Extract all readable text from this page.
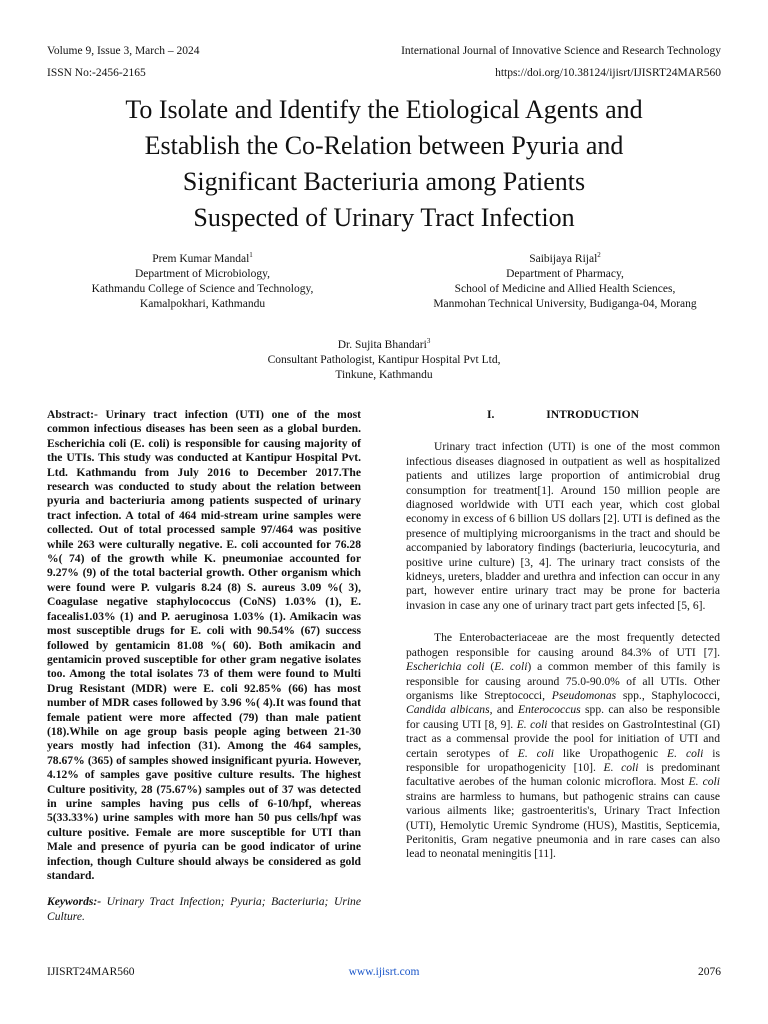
Volume 9, Issue 3, March – 2024	International Journal of Innovative Science and Research Technology
ISSN No:-2456-2165	https://doi.org/10.38124/ijisrt/IJISRT24MAR560
To Isolate and Identify the Etiological Agents and
Establish the Co-Relation between Pyuria and
Significant Bacteriuria among Patients
Suspected of Urinary Tract Infection
Prem Kumar Mandal$^1$
Department of Microbiology,
Kathmandu College of Science and Technology,
Kamalpokhari, Kathmandu
Saibijaya Rijal$^2$
Department of Pharmacy,
School of Medicine and Allied Health Sciences,
Manmohan Technical University, Budiganga-04, Morang
Dr. Sujita Bhandari$^3$
Consultant Pathologist, Kantipur Hospital Pvt Ltd,
Tinkune, Kathmandu

Abstract:- Urinary tract infection (UTI) one of the most common infectious diseases has been seen as a global burden. Escherichia coli (E. coli) is responsible for causing majority of the UTIs. This study was conducted at Kantipur Hospital Pvt. Ltd. Kathmandu from July 2016 to December 2017.The research was conducted to study about the relation between pyuria and bacteriuria among patients suspected of urinary tract infection. A total of 464 mid-stream urine samples were collected. Out of total processed sample 97/464 was positive while 263 were culturally negative. E. coli accounted for 76.28 %( 74) of the growth while K. pneumoniae accounted for 9.27% (9) of the total bacterial growth. Other organism which were found were P. vulgaris 8.24 (8) S. aureus 3.09 %( 3), Coagulase negative staphylococcus (CoNS) 1.03% (1), E. facealis1.03% (1) and P. aeruginosa 1.03% (1). Amikacin was most susceptible drugs for E. coli with 90.54% (67) success followed by gentamicin 81.08 %( 60). Both amikacin and gentamicin proved susceptible for other gram negative isolates too. Among the total isolates 73 of them were found to Multi Drug Resistant (MDR) were E. coli 92.85% (66) has most number of MDR cases followed by 3.96 %( 4).It was found that female patient were more affected (79) than male patient (18).While on age group basis people aging between 21-30 years mostly had infection (31). Among the 464 samples, 78.67% (365) of samples showed insignificant pyuria. However, 4.12% of samples gave positive culture results. The highest Culture positivity, 28 (75.67%) samples out of 37 was detected in urine samples having pus cells of 6-10/hpf, whereas 5(33.33%) urine samples with more han 50 pus cells/hpf was culture positive. Female are more susceptible for UTI than Male and presence of pyuria can be good indicator of urine infection, though Culture should always be considered as gold standard.

Keywords:- Urinary Tract Infection; Pyuria; Bacteriuria; Urine Culture.

I.	INTRODUCTION

Urinary tract infection (UTI) is one of the most common infectious diseases diagnosed in outpatient as well as hospitalized patients and utilizes large proportion of antimicrobial drug consumption for treatment[1]. Around 150 million people are diagnosed worldwide with UTI each year, which cost global economy in excess of 6 billion US dollars [2]. UTI is defined as the presence of multiplying microorganisms in the tract and should be accompanied by laboratory findings (bacteriuria, leucocyturia, and positive urine culture) [3, 4]. The urinary tract consists of the kidneys, ureters, bladder and urethra and infection can occur in any part, however entire urinary tract may be prone for bacteria invasion in case any one of urinary tract part gets infected [5, 6].

The Enterobacteriaceae are the most frequently detected pathogen responsible for causing around 84.3% of UTI [7]. Escherichia coli (E. coli) a common member of this family is responsible for causing around 75.0-90.0% of all UTIs. Other organisms like Streptococci, Pseudomonas spp., Staphylococci, Candida albicans, and Enterococcus spp. can also be responsible for causing UTI [8, 9]. E. coli that resides on GastroIntestinal (GI) tract as a commensal provide the pool for initiation of UTI and certain serotypes of E. coli like Uropathogenic E. coli is responsible for uropathogenicity [10]. E. coli is predominant facultative aerobes of the human colonic microflora. Most E. coli strains are harmless to humans, but pathogenic strains can cause various ailments like; gastroenteritis's, Urinary Tract Infection (UTI), Hemolytic Uremic Syndrome (HUS), Mastitis, Septicemia, Peritonitis, Gram negative pneumonia and in rare cases can also lead to neonatal meningitis [11].

IJISRT24MAR560	www.ijisrt.com	2076
